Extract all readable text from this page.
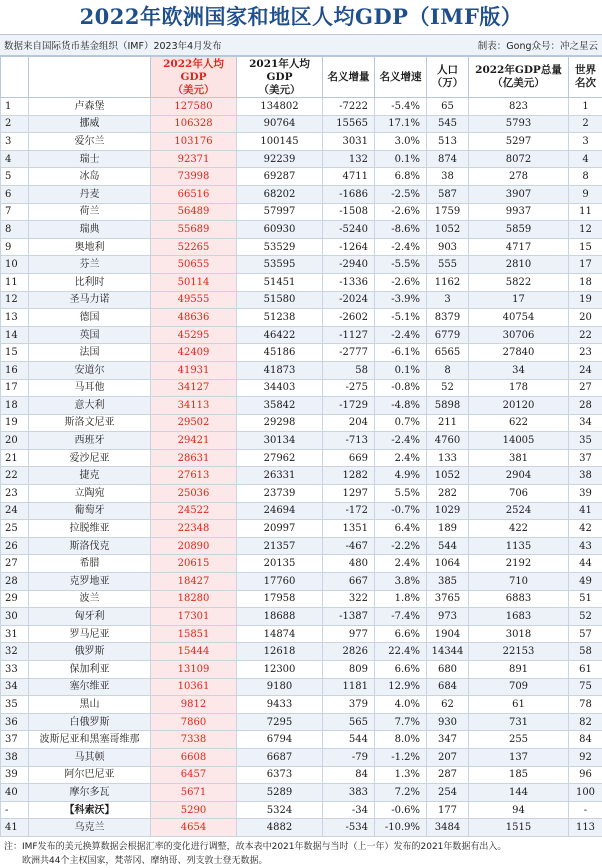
2022年欧洲国家和地区人均GDP（IMF版）
数据来自国际货币基金组织（IMF）2023年4月发布	制表：Gong众号：冲之星云
		2022年人均GDP
（美元）	2021年人均GDP
（美元）	名义增量	名义增速	人口
（万）	2022年GDP总量
（亿美元）	世界
名次
1	卢森堡	127580	134802	-7222	-5.4%	65	823	1
2	挪威	106328	90764	15565	17.1%	545	5793	2
3	爱尔兰	103176	100145	3031	3.0%	513	5297	3
4	瑞士	92371	92239	132	0.1%	874	8072	4
5	冰岛	73998	69287	4711	6.8%	38	278	8
6	丹麦	66516	68202	-1686	-2.5%	587	3907	9
7	荷兰	56489	57997	-1508	-2.6%	1759	9937	11
8	瑞典	55689	60930	-5240	-8.6%	1052	5859	12
9	奥地利	52265	53529	-1264	-2.4%	903	4717	15
10	芬兰	50655	53595	-2940	-5.5%	555	2810	17
11	比利时	50114	51451	-1336	-2.6%	1162	5822	18
12	圣马力诺	49555	51580	-2024	-3.9%	3	17	19
13	德国	48636	51238	-2602	-5.1%	8379	40754	20
14	英国	45295	46422	-1127	-2.4%	6779	30706	22
15	法国	42409	45186	-2777	-6.1%	6565	27840	23
16	安道尔	41931	41873	58	0.1%	8	34	24
17	马耳他	34127	34403	-275	-0.8%	52	178	27
18	意大利	34113	35842	-1729	-4.8%	5898	20120	28
19	斯洛文尼亚	29502	29298	204	0.7%	211	622	34
20	西班牙	29421	30134	-713	-2.4%	4760	14005	35
21	爱沙尼亚	28631	27962	669	2.4%	133	381	37
22	捷克	27613	26331	1282	4.9%	1052	2904	38
23	立陶宛	25036	23739	1297	5.5%	282	706	39
24	葡萄牙	24522	24694	-172	-0.7%	1029	2524	41
25	拉脱维亚	22348	20997	1351	6.4%	189	422	42
26	斯洛伐克	20890	21357	-467	-2.2%	544	1135	43
27	希腊	20615	20135	480	2.4%	1064	2192	44
28	克罗地亚	18427	17760	667	3.8%	385	710	49
29	波兰	18280	17958	322	1.8%	3765	6883	51
30	匈牙利	17301	18688	-1387	-7.4%	973	1683	52
31	罗马尼亚	15851	14874	977	6.6%	1904	3018	57
32	俄罗斯	15444	12618	2826	22.4%	14344	22153	58
33	保加利亚	13109	12300	809	6.6%	680	891	61
34	塞尔维亚	10361	9180	1181	12.9%	684	709	75
35	黑山	9812	9433	379	4.0%	62	61	78
36	白俄罗斯	7860	7295	565	7.7%	930	731	82
37	波斯尼亚和黑塞哥维那	7338	6794	544	8.0%	347	255	84
38	马其顿	6608	6687	-79	-1.2%	207	137	92
39	阿尔巴尼亚	6457	6373	84	1.3%	287	185	96
40	摩尔多瓦	5671	5289	383	7.2%	254	144	100
-	【科索沃】	5290	5324	-34	-0.6%	177	94	-
41	乌克兰	4654	4882	-534	-10.9%	3484	1515	113
注：IMF发布的美元换算数据会根据汇率的变化进行调整，故本表中2021年数据与当时（上一年）发布的2021年数据有出入。
欧洲共44个主权国家，梵蒂冈、摩纳哥、列支敦士登无数据。
